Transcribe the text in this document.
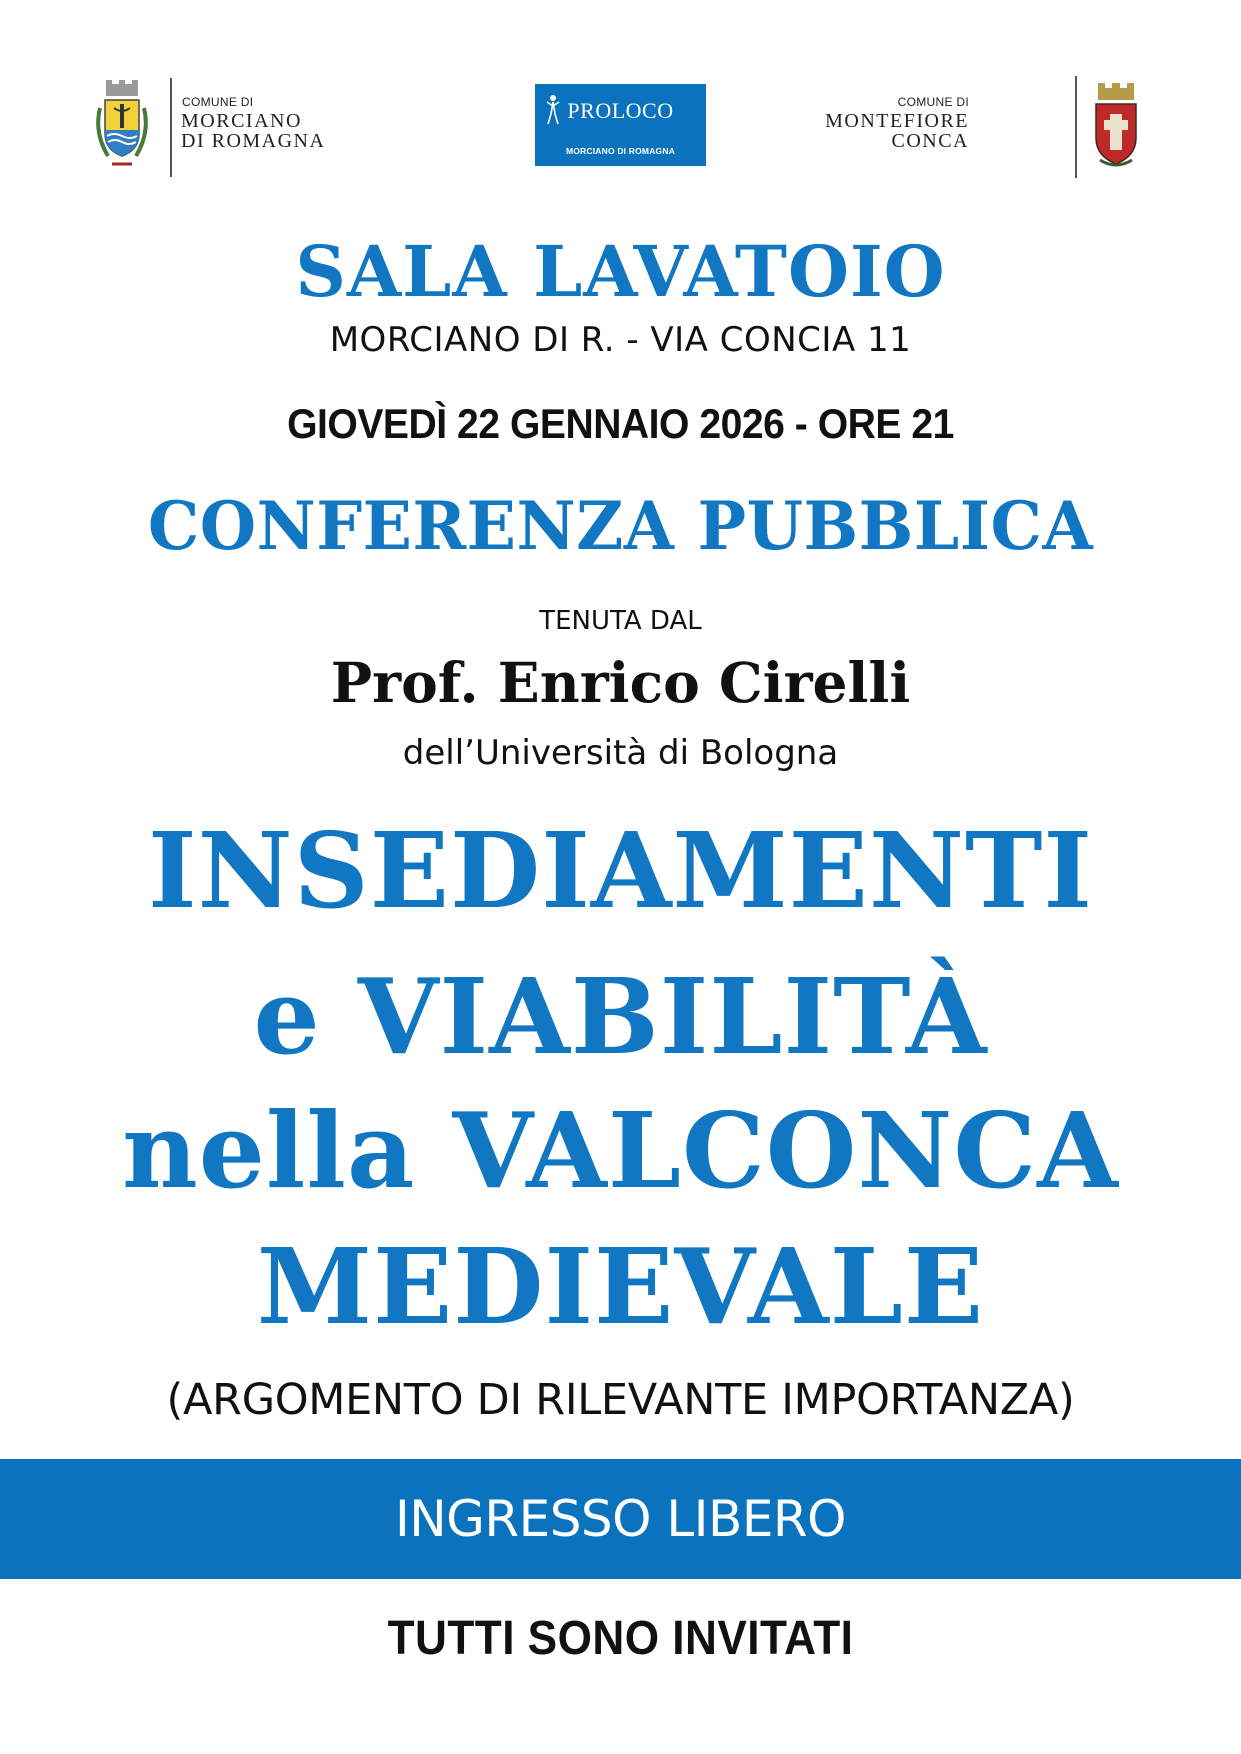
COMUNE DI
MORCIANO
DI ROMAGNA
PROLOCO
MORCIANO DI ROMAGNA
COMUNE DI
MONTEFIORE
CONCA
SALA LAVATOIO
MORCIANO DI R. - VIA CONCIA 11
GIOVEDÌ 22 GENNAIO 2026 - ORE 21
CONFERENZA PUBBLICA
TENUTA DAL
Prof. Enrico Cirelli
dell’Università di Bologna
INSEDIAMENTI
e VIABILITÀ
nella VALCONCA
MEDIEVALE
(ARGOMENTO DI RILEVANTE IMPORTANZA)
INGRESSO LIBERO
TUTTI SONO INVITATI
